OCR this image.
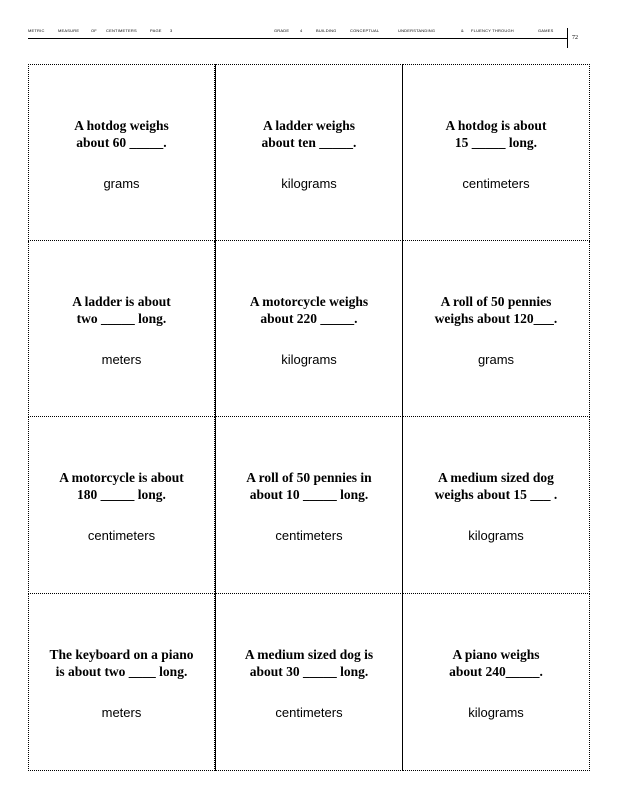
METRIC	MEASURE	OF CENTIMETERS	PAGE 3	GRADE	4	BUILDING	CONCEPTUAL	UNDERSTANDING	& FLUENCY THROUGH	GAMES
72
A hotdog weighs
about 60 _____.
grams
A ladder weighs
about ten _____.
kilograms
A hotdog is about
15 _____ long.
centimeters
A ladder is about
two _____ long.
meters
A motorcycle weighs
about 220 _____.
kilograms
A roll of 50 pennies
weighs about 120___.
grams
A motorcycle is about
180 _____ long.
centimeters
A roll of 50 pennies in
about 10 _____ long.
centimeters
A medium sized dog
weighs about 15 ___ .
kilograms
The keyboard on a piano
is about two ____ long.
meters
A medium sized dog is
about 30 _____ long.
centimeters
A piano weighs
about 240_____.
kilograms
